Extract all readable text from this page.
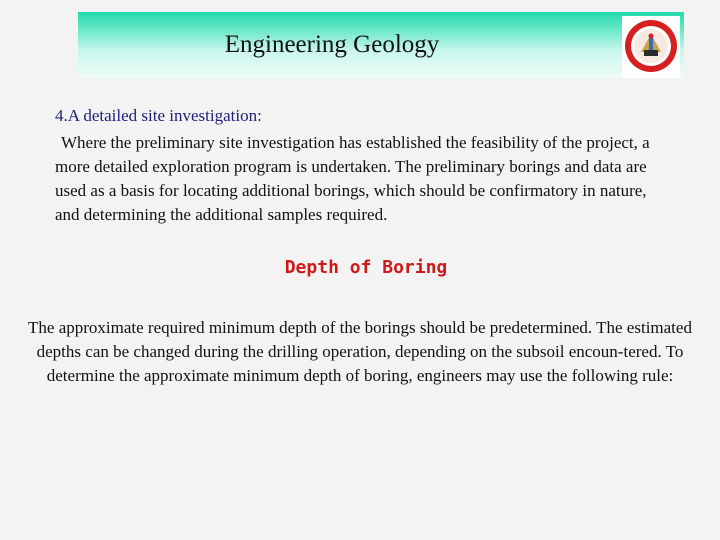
Engineering Geology

4.A detailed site investigation:

Where the preliminary site investigation has established the feasibility of the project, a more detailed exploration program is undertaken. The preliminary borings and data are used as a basis for locating additional borings, which should be confirmatory in nature, and determining the additional samples required.

Depth of Boring

The approximate required minimum depth of the borings should be predetermined. The estimated depths can be changed during the drilling operation, depending on the subsoil encoun-tered. To determine the approximate minimum depth of boring, engineers may use the following rule:
